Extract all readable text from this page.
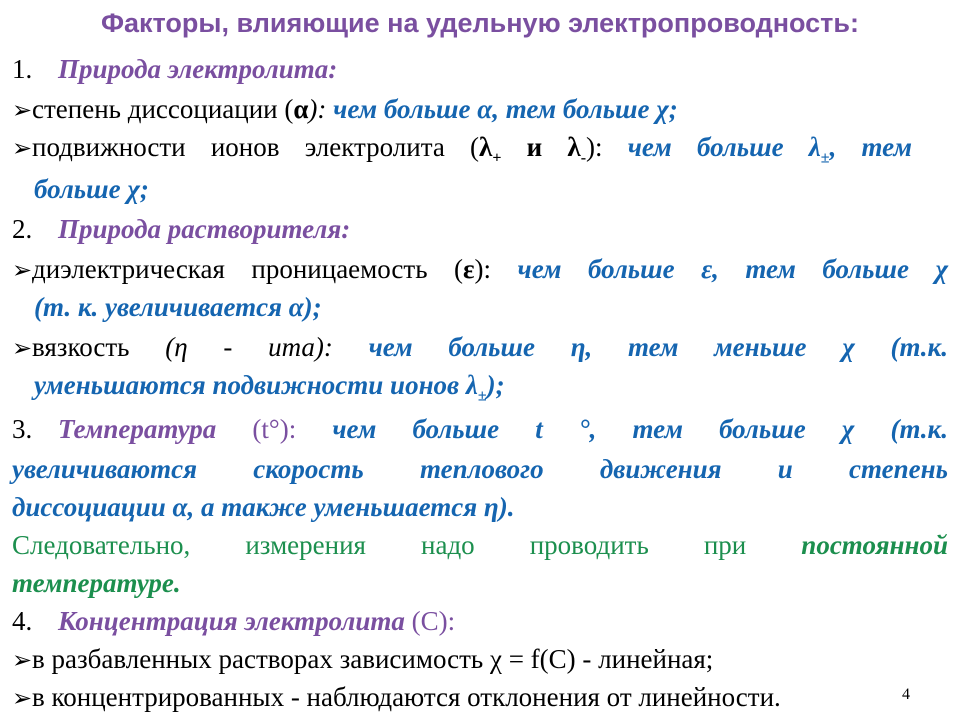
Факторы, влияющие на удельную электропроводность:
1. Природа электролита:
➢степень диссоциации (α): чем больше α, тем больше χ;
➢подвижности ионов электролита ($\lambda_+$ и $\lambda_-$): чем больше $\lambda_\pm$, тем
больше χ;
2. Природа растворителя:
➢диэлектрическая проницаемость (ε): чем больше ε, тем больше χ
(т. к. увеличивается α);
➢вязкость (η - ита): чем больше η, тем меньше χ (т.к.
уменьшаются подвижности ионов $\lambda_\pm$);
3. Температура (t°): чем больше t °, тем больше χ (т.к.
увеличиваются скорость теплового движения и степень
диссоциации α, а также уменьшается η).
Следовательно, измерения надо проводить при постоянной
температуре.
4. Концентрация электролита (С):
➢в разбавленных растворах зависимость χ = f(С) - линейная;
➢в концентрированных - наблюдаются отклонения от линейности.	4
